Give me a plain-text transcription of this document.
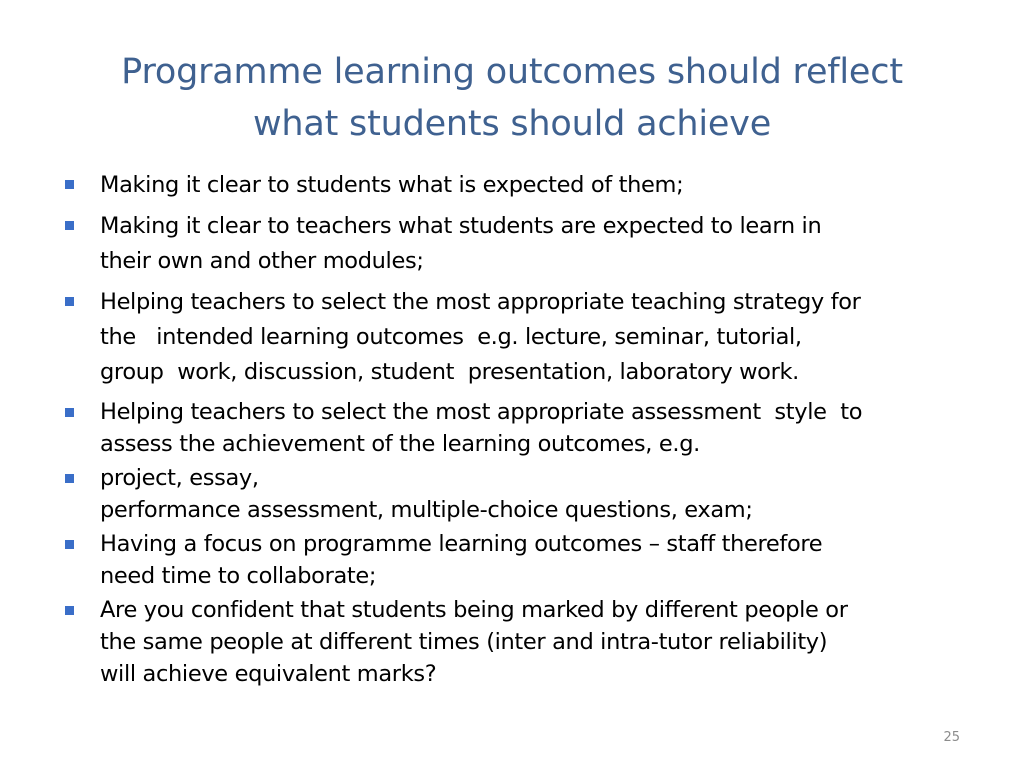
Programme learning outcomes should reflect
what students should achieve
Making it clear to students what is expected of them;
Making it clear to teachers what students are expected to learn in
their own and other modules;
Helping teachers to select the most appropriate teaching strategy for
the   intended learning outcomes  e.g. lecture, seminar, tutorial,
group  work, discussion, student  presentation, laboratory work.
Helping teachers to select the most appropriate assessment  style  to
assess the achievement of the learning outcomes, e.g.
project, essay,
performance assessment, multiple-choice questions, exam;
Having a focus on programme learning outcomes – staff therefore
need time to collaborate;
Are you confident that students being marked by different people or
the same people at different times (inter and intra-tutor reliability)
will achieve equivalent marks?
25
